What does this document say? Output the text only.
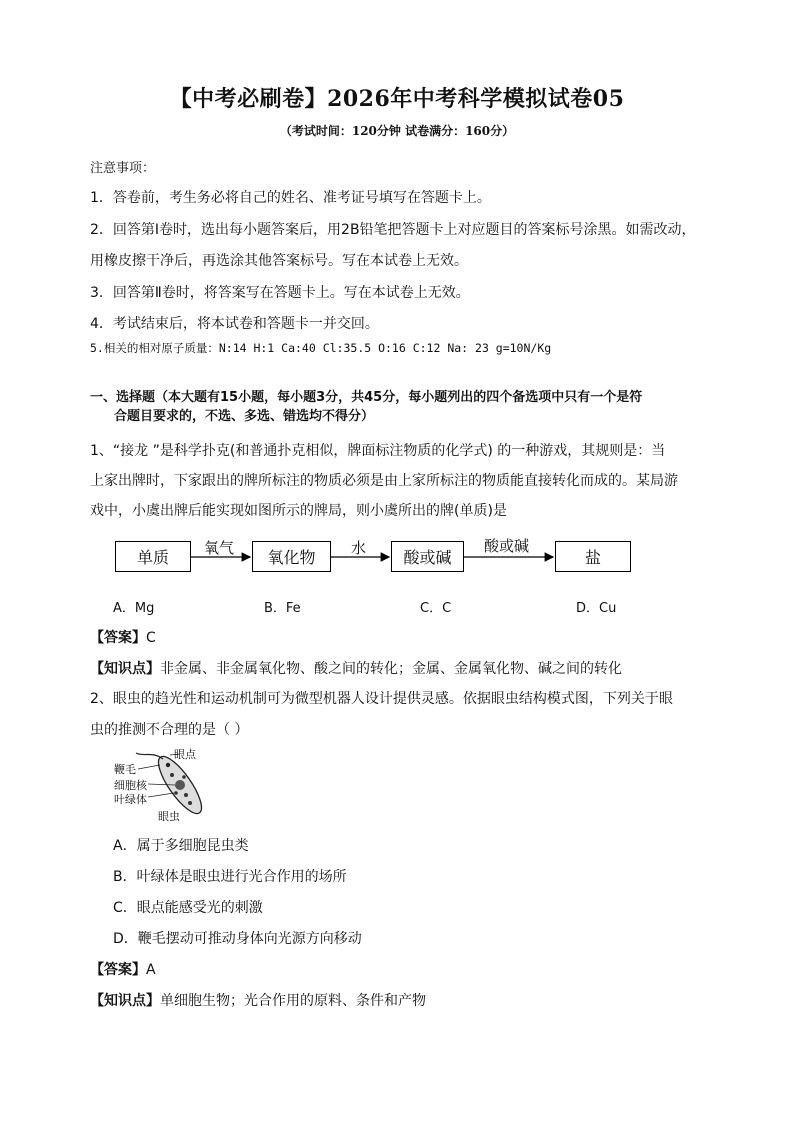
【中考必刷卷】2026年中考科学模拟试卷05
（考试时间：120分钟 试卷满分：160分）
注意事项：
1．答卷前，考生务必将自己的姓名、准考证号填写在答题卡上。
2．回答第Ⅰ卷时，选出每小题答案后，用2B铅笔把答题卡上对应题目的答案标号涂黑。如需改动，
用橡皮擦干净后，再选涂其他答案标号。写在本试卷上无效。
3．回答第Ⅱ卷时，将答案写在答题卡上。写在本试卷上无效。
4．考试结束后，将本试卷和答题卡一并交回。
5.相关的相对原子质量：N:14 H:1 Ca:40 Cl:35.5 O:16 C:12 Na: 23 g=10N/Kg
一、选择题（本大题有15小题，每小题3分，共45分，每小题列出的四个备选项中只有一个是符
合题目要求的，不选、多选、错选均不得分）
1、“接龙 ”是科学扑克(和普通扑克相似，牌面标注物质的化学式) 的一种游戏，其规则是：当
上家出牌时，下家跟出的牌所标注的物质必须是由上家所标注的物质能直接转化而成的。某局游
戏中，小虞出牌后能实现如图所示的牌局，则小虞所出的牌(单质)是
单质	氧化物	酸或碱	盐
氧气	水	酸或碱
A．Mg	B．Fe	C．C	D．Cu
【答案】C
【知识点】非金属、非金属氧化物、酸之间的转化；金属、金属氧化物、碱之间的转化
2、眼虫的趋光性和运动机制可为微型机器人设计提供灵感。依据眼虫结构模式图，下列关于眼
虫的推测不合理的是（ ）
眼点
鞭毛
细胞核
叶绿体
眼虫
A．属于多细胞昆虫类
B．叶绿体是眼虫进行光合作用的场所
C．眼点能感受光的刺激
D．鞭毛摆动可推动身体向光源方向移动
【答案】A
【知识点】单细胞生物；光合作用的原料、条件和产物
